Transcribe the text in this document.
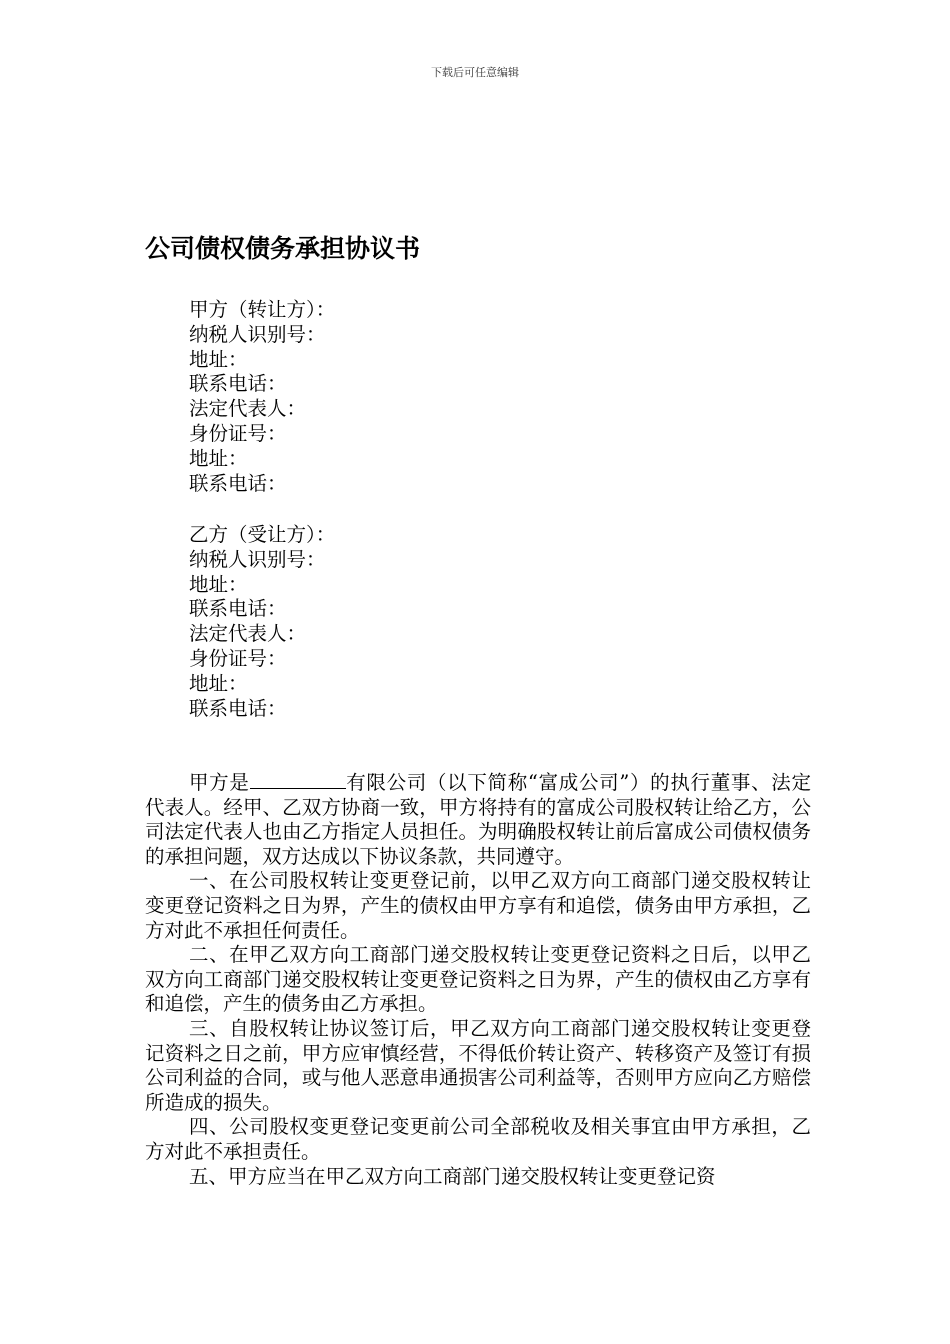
下载后可任意编辑
公司债权债务承担协议书
甲方（转让方）：
纳税人识别号：
地址：
联系电话：
法定代表人：
身份证号：
地址：
联系电话：
乙方（受让方）：
纳税人识别号：
地址：
联系电话：
法定代表人：
身份证号：
地址：
联系电话：

甲方是	有限公司（以下简称“富成公司”）的执行董事、法定代表人。经甲、乙双方协商一致，甲方将持有的富成公司股权转让给乙方，公司法定代表人也由乙方指定人员担任。为明确股权转让前后富成公司债权债务的承担问题，双方达成以下协议条款，共同遵守。

一、在公司股权转让变更登记前，以甲乙双方向工商部门递交股权转让变更登记资料之日为界，产生的债权由甲方享有和追偿，债务由甲方承担，乙方对此不承担任何责任。

二、在甲乙双方向工商部门递交股权转让变更登记资料之日后，以甲乙双方向工商部门递交股权转让变更登记资料之日为界，产生的债权由乙方享有和追偿，产生的债务由乙方承担。

三、自股权转让协议签订后，甲乙双方向工商部门递交股权转让变更登记资料之日之前，甲方应审慎经营，不得低价转让资产、转移资产及签订有损公司利益的合同，或与他人恶意串通损害公司利益等，否则甲方应向乙方赔偿所造成的损失。

四、公司股权变更登记变更前公司全部税收及相关事宜由甲方承担，乙方对此不承担责任。

五、甲方应当在甲乙双方向工商部门递交股权转让变更登记资
